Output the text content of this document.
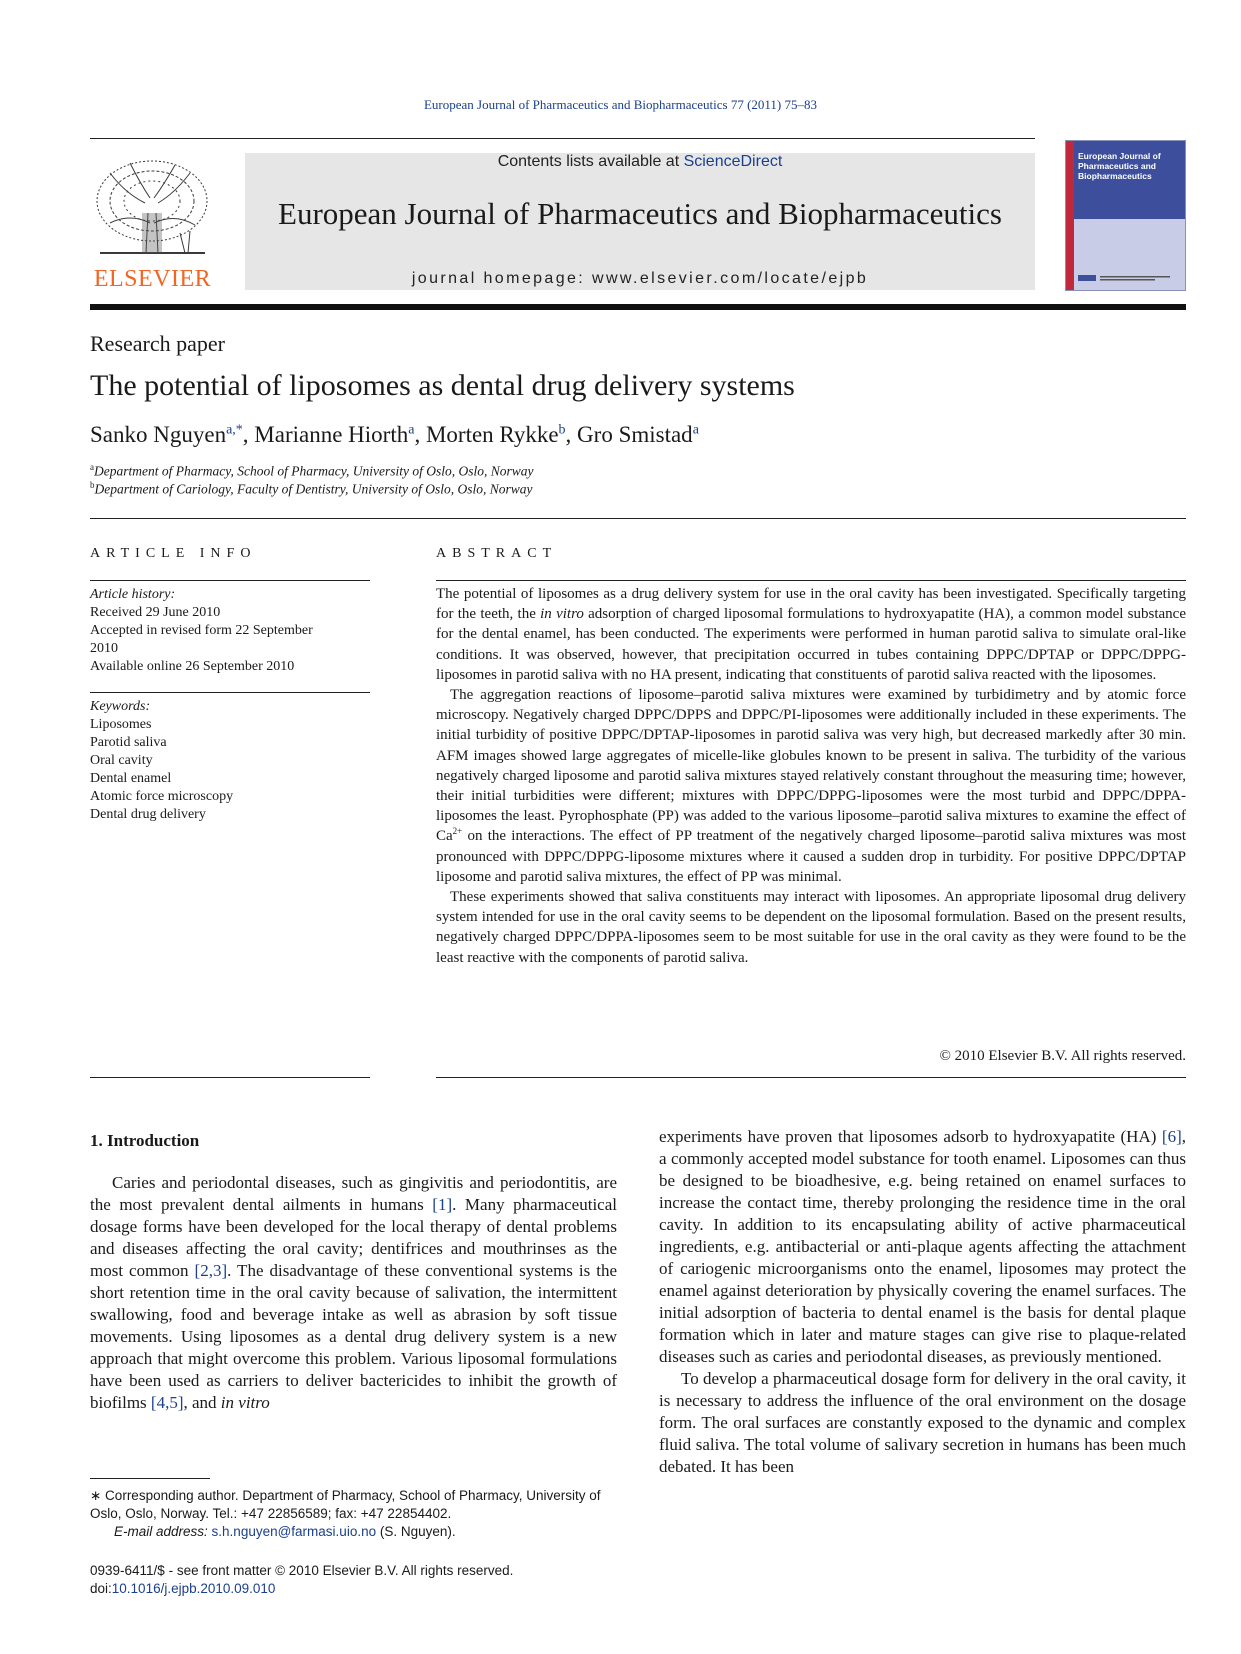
European Journal of Pharmaceutics and Biopharmaceutics 77 (2011) 75–83
ELSEVIER
Contents lists available at ScienceDirect
European Journal of Pharmaceutics and Biopharmaceutics
journal homepage: www.elsevier.com/locate/ejpb
European Journal of Pharmaceutics and Biopharmaceutics
Research paper
The potential of liposomes as dental drug delivery systems
Sanko Nguyen$^{a,*}$, Marianne Hiorth$^a$, Morten Rykke$^b$, Gro Smistad$^a$
$^a$Department of Pharmacy, School of Pharmacy, University of Oslo, Oslo, Norway
$^b$Department of Cariology, Faculty of Dentistry, University of Oslo, Oslo, Norway
ARTICLE INFO
Article history:
Received 29 June 2010
Accepted in revised form 22 September
2010
Available online 26 September 2010
Keywords:
Liposomes
Parotid saliva
Oral cavity
Dental enamel
Atomic force microscopy
Dental drug delivery
ABSTRACT

The potential of liposomes as a drug delivery system for use in the oral cavity has been investigated. Specifically targeting for the teeth, the in vitro adsorption of charged liposomal formulations to hydroxyapatite (HA), a common model substance for the dental enamel, has been conducted. The experiments were performed in human parotid saliva to simulate oral-like conditions. It was observed, however, that precipitation occurred in tubes containing DPPC/DPTAP or DPPC/DPPG-liposomes in parotid saliva with no HA present, indicating that constituents of parotid saliva reacted with the liposomes.

The aggregation reactions of liposome–parotid saliva mixtures were examined by turbidimetry and by atomic force microscopy. Negatively charged DPPC/DPPS and DPPC/PI-liposomes were additionally included in these experiments. The initial turbidity of positive DPPC/DPTAP-liposomes in parotid saliva was very high, but decreased markedly after 30 min. AFM images showed large aggregates of micelle-like globules known to be present in saliva. The turbidity of the various negatively charged liposome and parotid saliva mixtures stayed relatively constant throughout the measuring time; however, their initial turbidities were different; mixtures with DPPC/DPPG-liposomes were the most turbid and DPPC/DPPA-liposomes the least. Pyrophosphate (PP) was added to the various liposome–parotid saliva mixtures to examine the effect of $Ca^{2+}$ on the interactions. The effect of PP treatment of the negatively charged liposome–parotid saliva mixtures was most pronounced with DPPC/DPPG-liposome mixtures where it caused a sudden drop in turbidity. For positive DPPC/DPTAP liposome and parotid saliva mixtures, the effect of PP was minimal.

These experiments showed that saliva constituents may interact with liposomes. An appropriate liposomal drug delivery system intended for use in the oral cavity seems to be dependent on the liposomal formulation. Based on the present results, negatively charged DPPC/DPPA-liposomes seem to be most suitable for use in the oral cavity as they were found to be the least reactive with the components of parotid saliva.

© 2010 Elsevier B.V. All rights reserved.
1. Introduction

Caries and periodontal diseases, such as gingivitis and periodontitis, are the most prevalent dental ailments in humans [1]. Many pharmaceutical dosage forms have been developed for the local therapy of dental problems and diseases affecting the oral cavity; dentifrices and mouthrinses as the most common [2,3]. The disadvantage of these conventional systems is the short retention time in the oral cavity because of salivation, the intermittent swallowing, food and beverage intake as well as abrasion by soft tissue movements. Using liposomes as a dental drug delivery system is a new approach that might overcome this problem. Various liposomal formulations have been used as carriers to deliver bactericides to inhibit the growth of biofilms [4,5], and in vitro

experiments have proven that liposomes adsorb to hydroxyapatite (HA) [6], a commonly accepted model substance for tooth enamel. Liposomes can thus be designed to be bioadhesive, e.g. being retained on enamel surfaces to increase the contact time, thereby prolonging the residence time in the oral cavity. In addition to its encapsulating ability of active pharmaceutical ingredients, e.g. antibacterial or anti-plaque agents affecting the attachment of cariogenic microorganisms onto the enamel, liposomes may protect the enamel against deterioration by physically covering the enamel surfaces. The initial adsorption of bacteria to dental enamel is the basis for dental plaque formation which in later and mature stages can give rise to plaque-related diseases such as caries and periodontal diseases, as previously mentioned.

To develop a pharmaceutical dosage form for delivery in the oral cavity, it is necessary to address the influence of the oral environment on the dosage form. The oral surfaces are constantly exposed to the dynamic and complex fluid saliva. The total volume of salivary secretion in humans has been much debated. It has been

∗ Corresponding author. Department of Pharmacy, School of Pharmacy, University of Oslo, Oslo, Norway. Tel.: +47 22856589; fax: +47 22854402.
E-mail address: s.h.nguyen@farmasi.uio.no (S. Nguyen).
0939-6411/$ - see front matter © 2010 Elsevier B.V. All rights reserved.
doi:10.1016/j.ejpb.2010.09.010
